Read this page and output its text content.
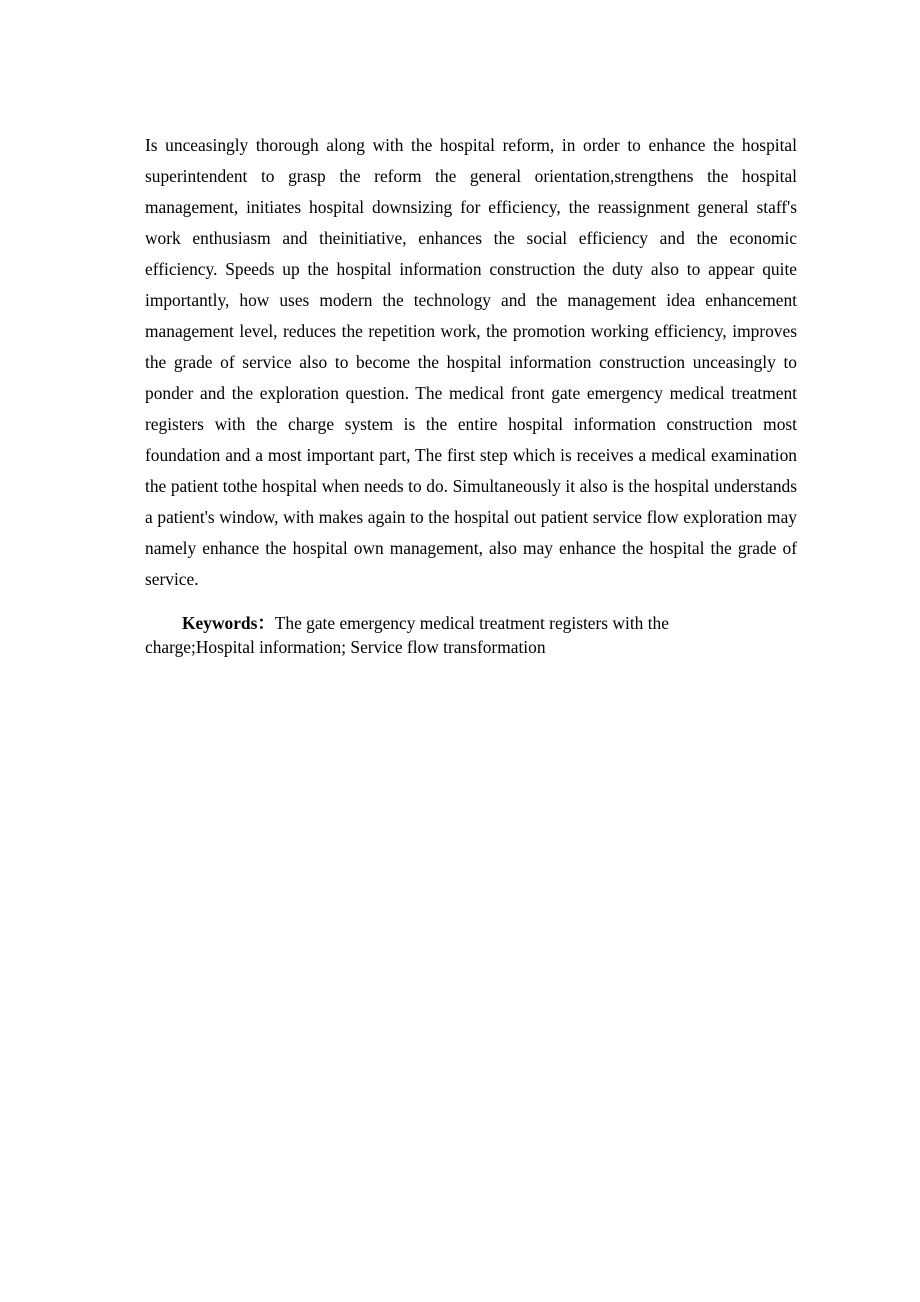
Is unceasingly thorough along with the hospital reform, in order to enhance the hospital superintendent to grasp the reform the general orientation,strengthens the hospital management, initiates hospital downsizing for efficiency, the reassignment general staff's work enthusiasm and theinitiative, enhances the social efficiency and the economic efficiency. Speeds up the hospital information construction the duty also to appear quite importantly, how uses modern the technology and the management idea enhancement management level, reduces the repetition work, the promotion working efficiency, improves the grade of service also to become the hospital information construction unceasingly to ponder and the exploration question. The medical front gate emergency medical treatment registers with the charge system is the entire hospital information construction most foundation and a most important part, The first step which is receives a medical examination the patient tothe hospital when needs to do. Simultaneously it also is the hospital understands a patient's window, with makes again to the hospital out patient service flow exploration may namely enhance the hospital own management, also may enhance the hospital the grade of service.

Keywords：The gate emergency medical treatment registers with the charge;Hospital information; Service flow transformation
